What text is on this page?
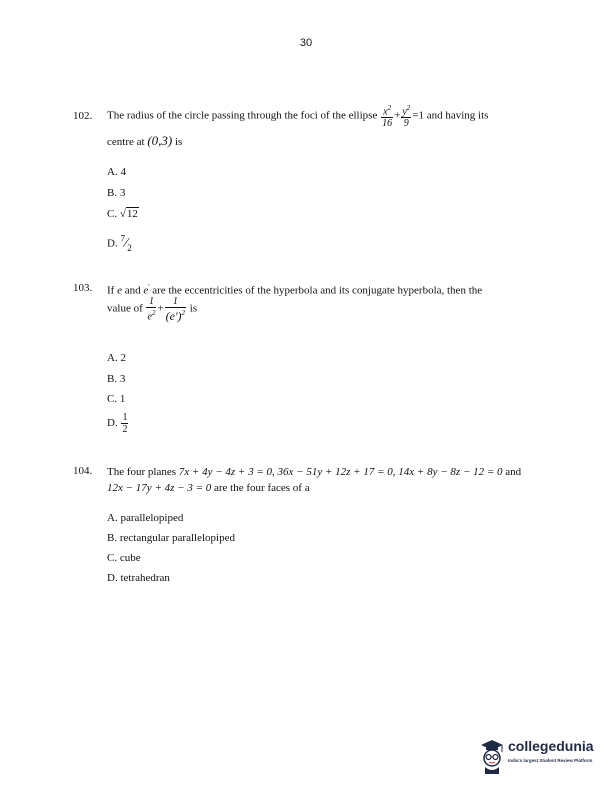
30
102. The radius of the circle passing through the foci of the ellipse $\frac{x^2}{16} + \frac{y^2}{9} =1$ and having its
centre at (0,3) is
A. 4
B. 3
C. √12
D. $^7⁄_2$
103. If e and e' are the eccentricities of the hyperbola and its conjugate hyperbola, then the
value of $\frac{1}{e^2} + \frac{1}{(e')^2}$ is
A. 2
B. 3
C. 1
D. $\frac{1}{2}$
104. The four planes 7x + 4y − 4z + 3 = 0, 36x − 51y + 12z + 17 = 0, 14x + 8y − 8z − 12 = 0 and
12x − 17y + 4z − 3 = 0 are the four faces of a
A. parallelopiped
B. rectangular parallelopiped
C. cube
D. tetrahedran
collegedunia
India's largest Student Review Platform
